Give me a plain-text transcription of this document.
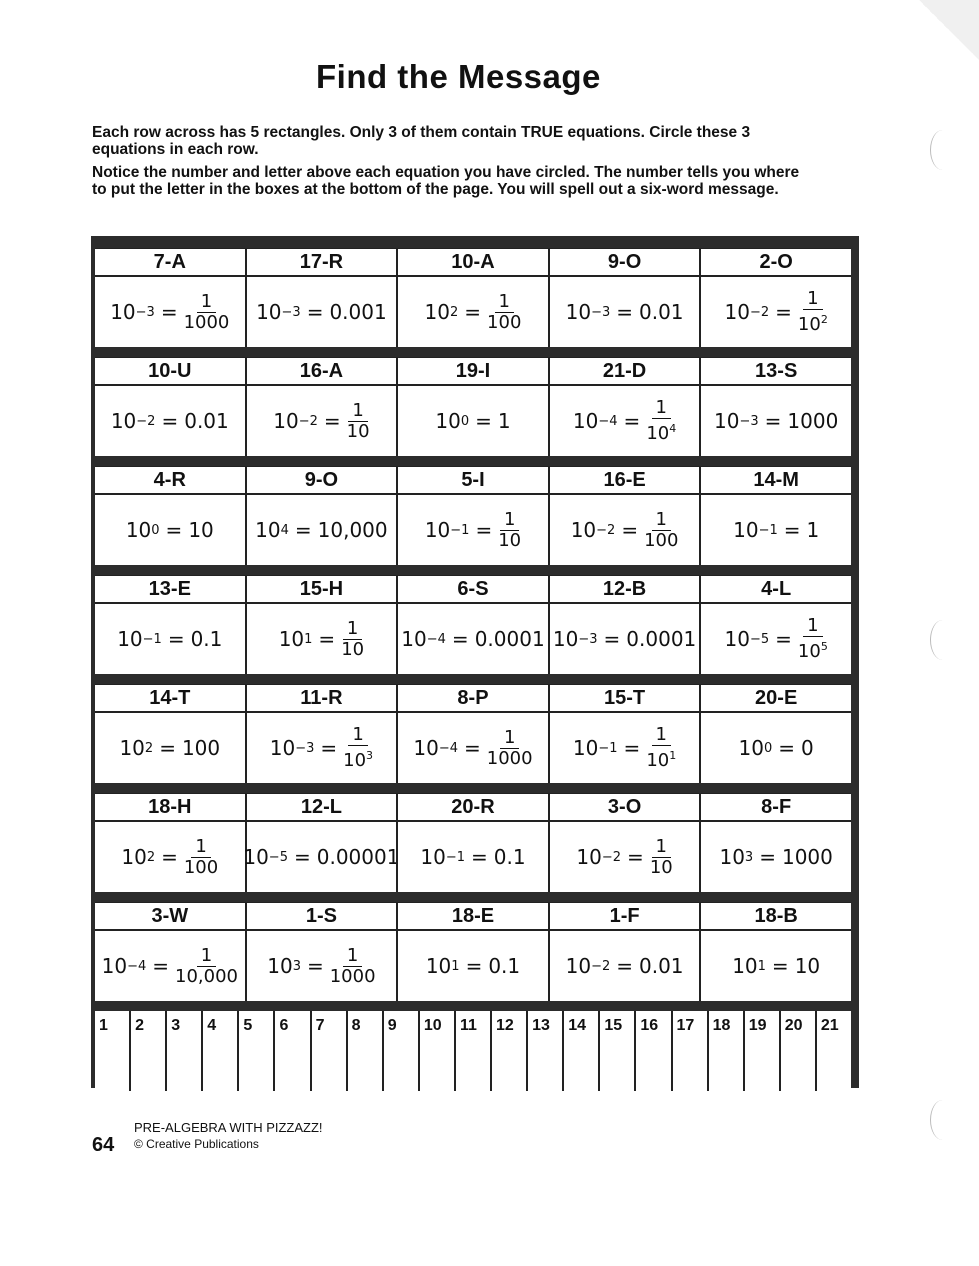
Find the Message

Each row across has 5 rectangles. Only 3 of them contain TRUE equations. Circle these 3 equations in each row.

Notice the number and letter above each equation you have circled. The number tells you where to put the letter in the boxes at the bottom of the page. You will spell out a six-word message.

7-A
$10 -3 = \frac{1}{1000}$
17-R
10 −3 = 0.001
10-A
10 $2 = \frac{1}{100}$
9-O
10 −3 = 0.01
2-O
$10 -2 = \frac{1}{10^2}$
10-U
10 −2 = 0.01
16-A
$10 -2 = \frac{1}{10}$
19-I
10 0 = 1
21-D
$10 -4 = \frac{1}{10^4}$
13-S
10 −3 = 1000
4-R
10 0 = 10
9-O
10 4 = 10,000
5-I
$10 -1 = \frac{1}{10}$
16-E
$10 -2 = \frac{1}{100}$
14-M
10 −1 = 1
13-E
10 −1 = 0.1
15-H
10 $1 = \frac{1}{10}$
6-S
10 −4 = 0.0001
12-B
10 −3 = 0.0001
4-L
$10 -5 = \frac{1}{10^5}$
14-T
10 2 = 100
11-R
$10 -3 = \frac{1}{10^3}$
8-P
$10 -4 = \frac{1}{1000}$
15-T
$10 -1 = \frac{1}{10^1}$
20-E
10 0 = 0
18-H
10 $2 = \frac{1}{100}$
12-L
10 −5 = 0.00001
20-R
10 −1 = 0.1
3-O
$10 -2 = \frac{1}{10}$
8-F
10 3 = 1000
3-W
$10 -4 = \frac{1}{10,000}$
1-S
10 $3 = \frac{1}{1000}$
18-E
10 1 = 0.1
1-F
10 −2 = 0.01
18-B
10 1 = 10
1 2 3 4 5 6 7 8 9 10 11 12 13 14 15 16 17 18 19 20 21
64
PRE-ALGEBRA WITH PIZZAZZ!
© Creative Publications
